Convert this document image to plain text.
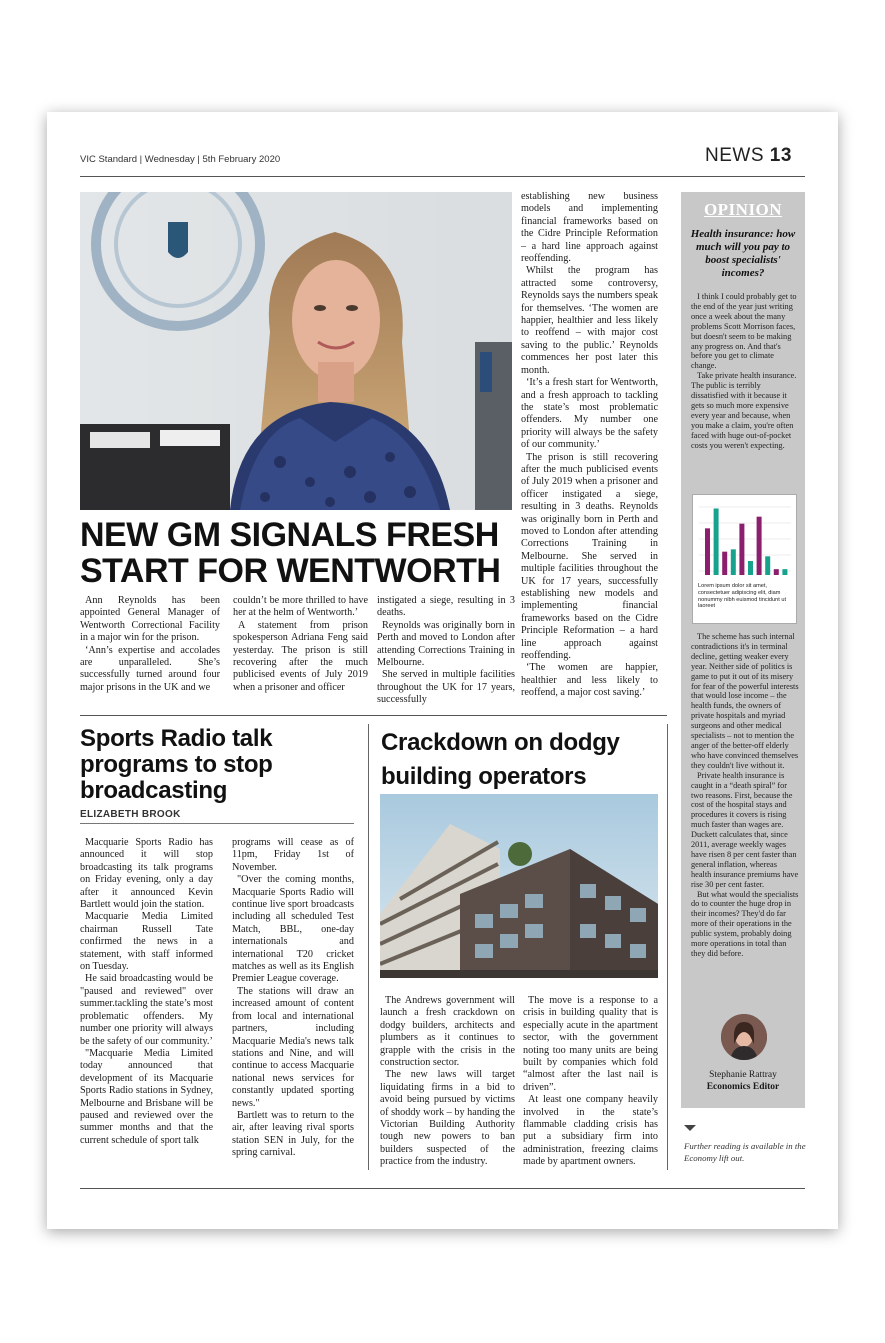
VIC Standard | Wednesday | 5th February 2020	NEWS 13

establishing new business models and implementing financial frameworks based on the Cidre Principle Reformation – a hard line approach against reoffending.

Whilst the program has attracted some controversy, Reynolds says the numbers speak for themselves. ‘The women are happier, healthier and less likely to reoffend – with major cost saving to the public.’ Reynolds commences her post later this month.

‘It’s a fresh start for Wentworth, and a fresh approach to tackling the state’s most problematic offenders. My number one priority will always be the safety of our community.’

The prison is still recovering after the much publicised events of July 2019 when a prisoner and officer instigated a siege, resulting in 3 deaths. Reynolds was originally born in Perth and moved to London after attending Corrections Training in Melbourne. She served in multiple facilities throughout the UK for 17 years, successfully establishing new models and implementing financial frameworks based on the Cidre Principle Reformation – a hard line approach against reoffending.

‘The women are happier, healthier and less likely to reoffend, a major cost saving.’

NEW GM SIGNALS FRESH
START FOR WENTWORTH

Ann Reynolds has been appointed General Manager of Wentworth Correctional Facility in a major win for the prison.

‘Ann’s expertise and accolades are unparalleled. She’s successfully turned around four major prisons in the UK and we

couldn’t be more thrilled to have her at the helm of Wentworth.’

A statement from prison spokesperson Adriana Feng said yesterday. The prison is still recovering after the much publicised events of July 2019 when a prisoner and officer

instigated a siege, resulting in 3 deaths.

Reynolds was originally born in Perth and moved to London after attending Corrections Training in Melbourne.

She served in multiple facilities throughout the UK for 17 years, successfully

Sports Radio talk programs to stop broadcasting
ELIZABETH BROOK

Macquarie Sports Radio has announced it will stop broadcasting its talk programs on Friday evening, only a day after it announced Kevin Bartlett would join the station.

Macquarie Media Limited chairman Russell Tate confirmed the news in a statement, with staff informed on Tuesday.

He said broadcasting would be "paused and reviewed" over summer.tackling the state’s most problematic offenders. My number one priority will always be the safety of our community.’

"Macquarie Media Limited today announced that development of its Macquarie Sports Radio stations in Sydney, Melbourne and Brisbane will be paused and reviewed over the summer months and that the current schedule of sport talk

programs will cease as of 11pm, Friday 1st of November.

"Over the coming months, Macquarie Sports Radio will continue live sport broadcasts including all scheduled Test Match, BBL, one-day internationals and international T20 cricket matches as well as its English Premier League coverage.

The stations will draw an increased amount of content from local and international partners, including Macquarie Media's news talk stations and Nine, and will continue to access Macquarie national news services for constantly updated sporting news."

Bartlett was to return to the air, after leaving rival sports station SEN in July, for the spring carnival.

Crackdown on dodgy building operators

The Andrews government will launch a fresh crackdown on dodgy builders, architects and plumbers as it continues to grapple with the crisis in the construction sector.

The new laws will target liquidating firms in a bid to avoid being pursued by victims of shoddy work – by handing the Victorian Building Authority tough new powers to ban builders suspected of the practice from the industry.

The move is a response to a crisis in building quality that is especially acute in the apartment sector, with the government noting too many units are being built by companies which fold “almost after the last nail is driven”.

At least one company heavily involved in the state’s flammable cladding crisis has put a subsidiary firm into administration, freezing claims made by apartment owners.

OPINION
Health insurance: how much will you pay to boost specialists' incomes?

I think I could probably get to the end of the year just writing once a week about the many problems Scott Morrison faces, but doesn't seem to be making any progress on. And that's before you get to climate change.

Take private health insurance. The public is terribly dissatisfied with it because it gets so much more expensive every year and because, when you make a claim, you're often faced with huge out-of-pocket costs you weren't expecting.

Lorem ipsum dolor sit amet, consectetuer adipiscing elit, diam nonummy nibh euismod tincidunt ut laoreet

The scheme has such internal contradictions it's in terminal decline, getting weaker every year. Neither side of politics is game to put it out of its misery for fear of the powerful interests that would lose income – the health funds, the owners of private hospitals and myriad surgeons and other medical specialists – not to mention the anger of the better-off elderly who have convinced themselves they couldn't live without it.

Private health insurance is caught in a “death spiral” for two reasons. First, because the cost of the hospital stays and procedures it covers is rising much faster than wages are. Duckett calculates that, since 2011, average weekly wages have risen 8 per cent faster than general inflation, whereas health insurance premiums have rise 30 per cent faster.

But what would the specialists do to counter the huge drop in their incomes? They'd do far more of their operations in the public system, probably doing more operations in total than they did before.

Stephanie Rattray
Economics Editor
Further reading is available in the Economy lift out.
